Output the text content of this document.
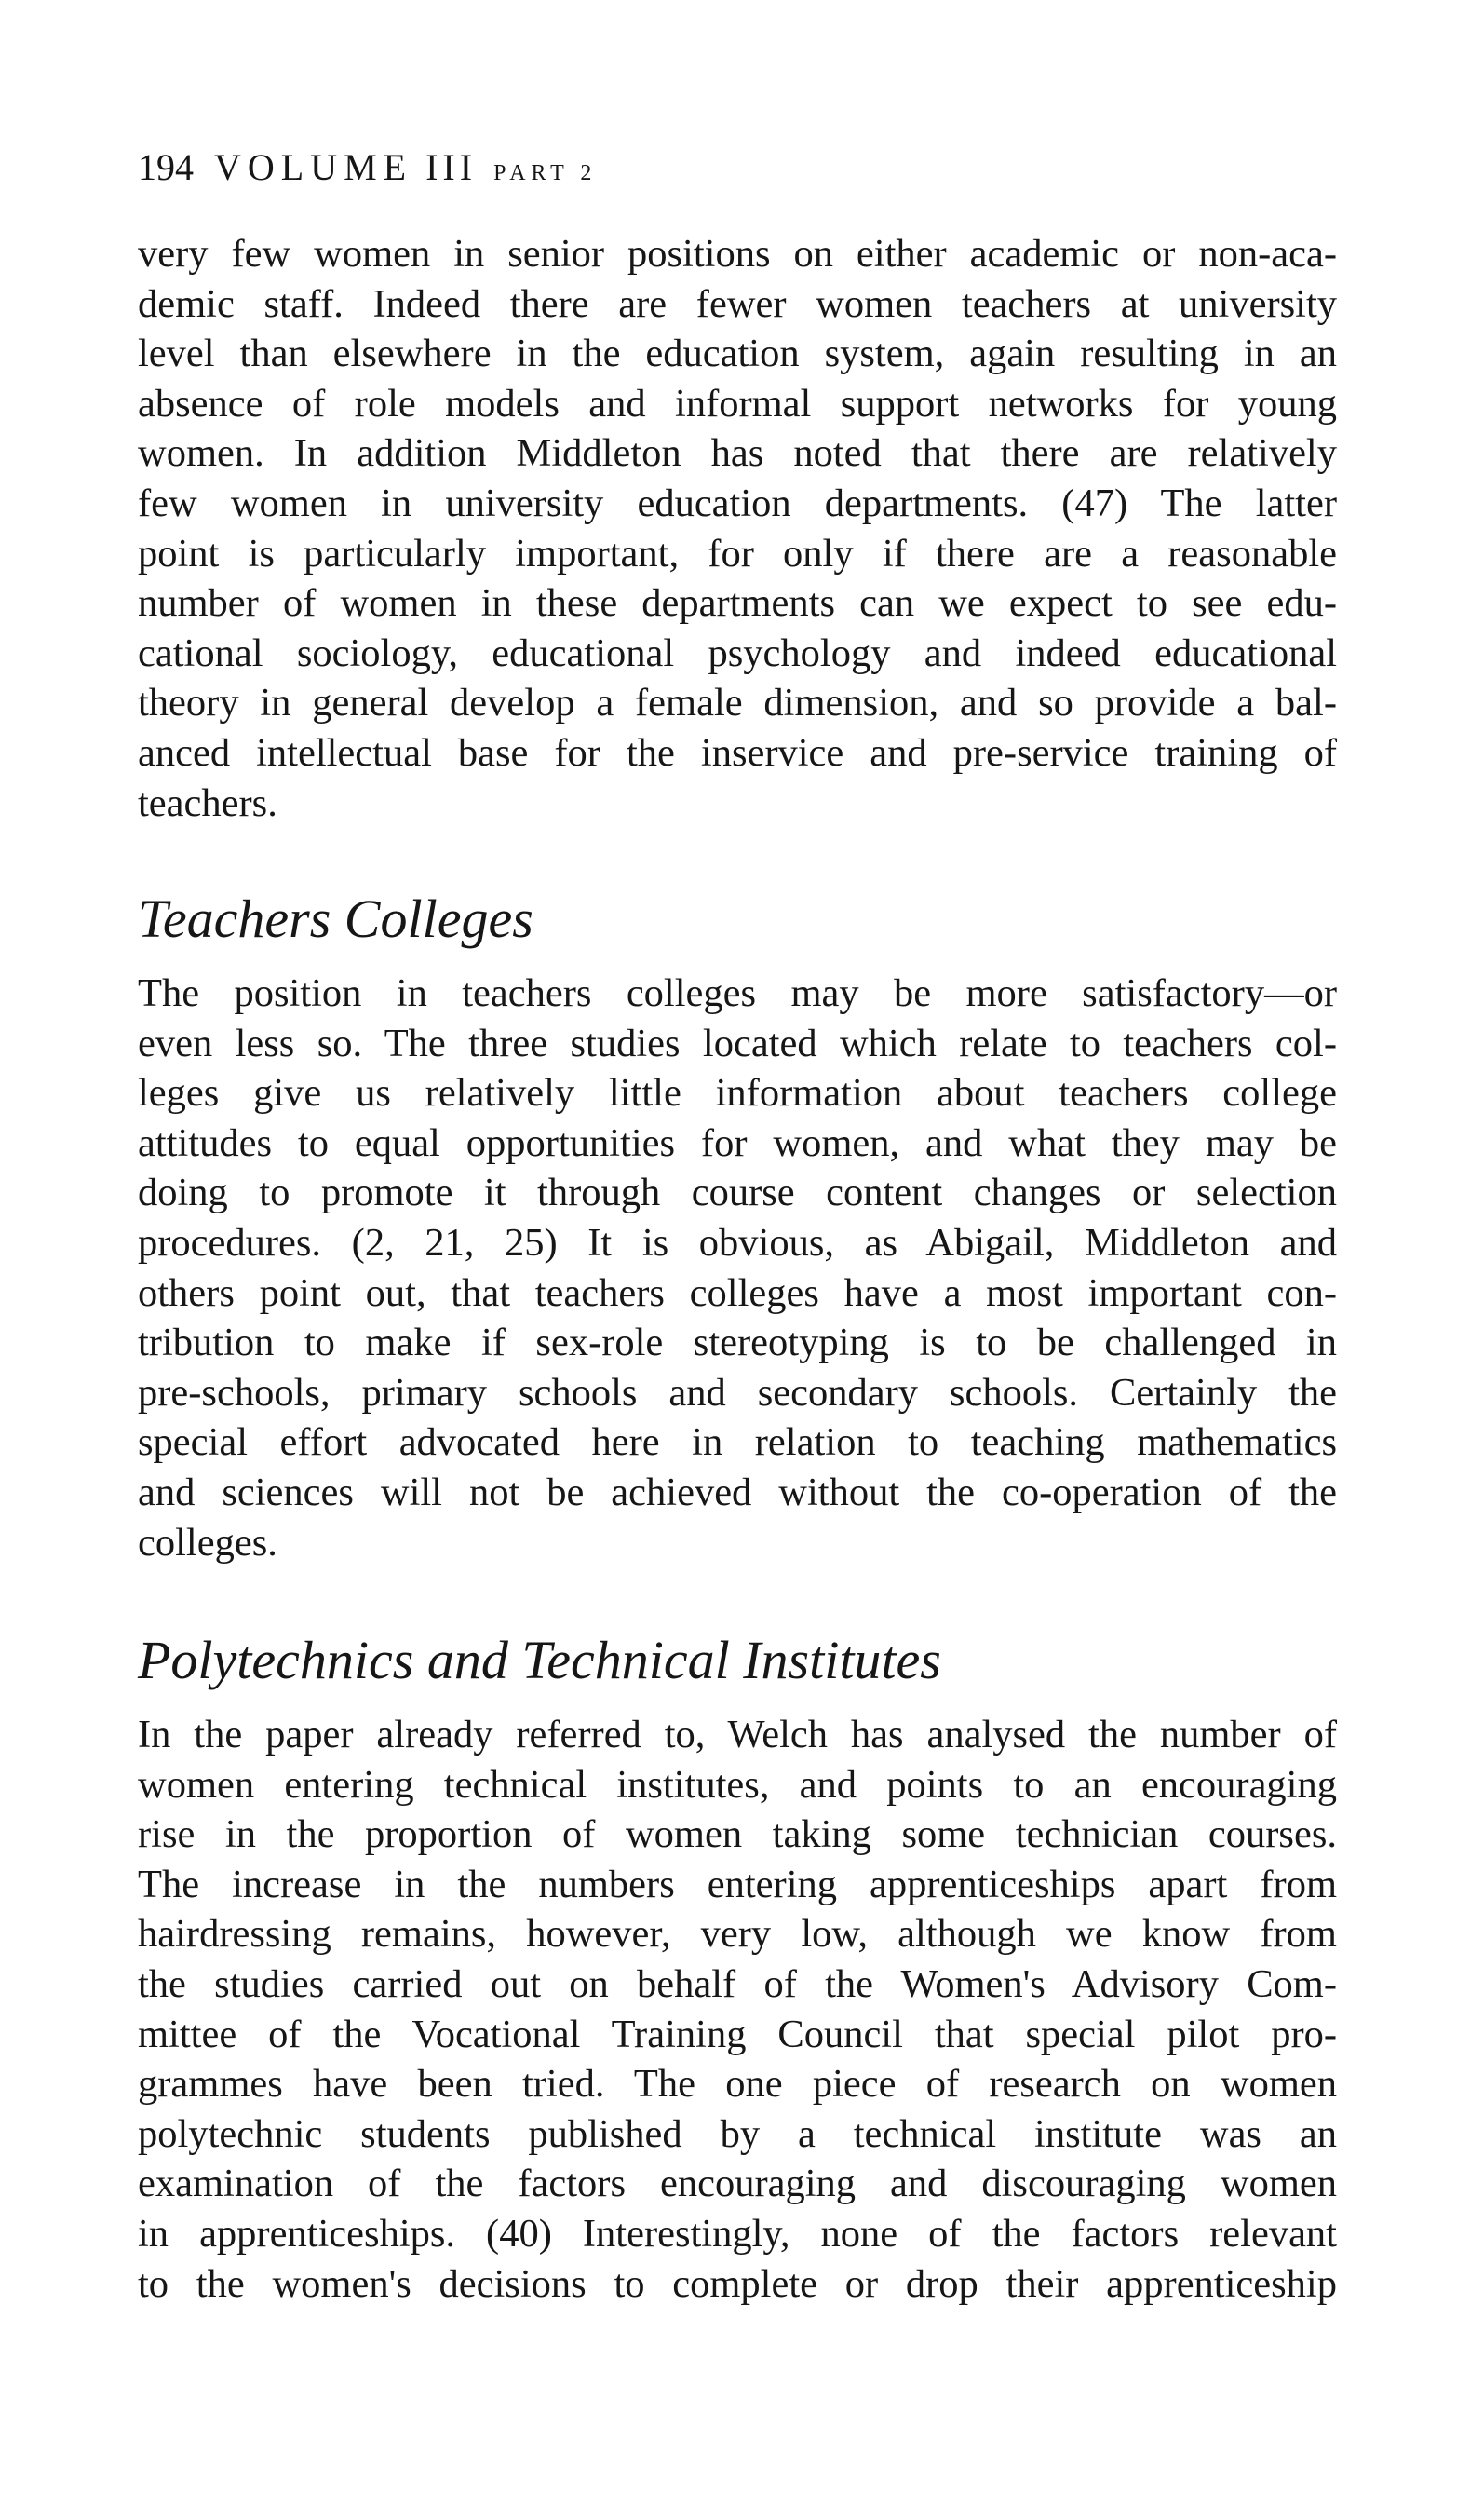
194 VOLUME III PART 2
very few women in senior positions on either academic or non-aca-
demic staff. Indeed there are fewer women teachers at university
level than elsewhere in the education system, again resulting in an
absence of role models and informal support networks for young
women. In addition Middleton has noted that there are relatively
few women in university education departments. (47) The latter
point is particularly important, for only if there are a reasonable
number of women in these departments can we expect to see edu-
cational sociology, educational psychology and indeed educational
theory in general develop a female dimension, and so provide a bal-
anced intellectual base for the inservice and pre-service training of
teachers.
Teachers Colleges
The position in teachers colleges may be more satisfactory—or
even less so. The three studies located which relate to teachers col-
leges give us relatively little information about teachers college
attitudes to equal opportunities for women, and what they may be
doing to promote it through course content changes or selection
procedures. (2, 21, 25) It is obvious, as Abigail, Middleton and
others point out, that teachers colleges have a most important con-
tribution to make if sex-role stereotyping is to be challenged in
pre-schools, primary schools and secondary schools. Certainly the
special effort advocated here in relation to teaching mathematics
and sciences will not be achieved without the co-operation of the
colleges.
Polytechnics and Technical Institutes
In the paper already referred to, Welch has analysed the number of
women entering technical institutes, and points to an encouraging
rise in the proportion of women taking some technician courses.
The increase in the numbers entering apprenticeships apart from
hairdressing remains, however, very low, although we know from
the studies carried out on behalf of the Women's Advisory Com-
mittee of the Vocational Training Council that special pilot pro-
grammes have been tried. The one piece of research on women
polytechnic students published by a technical institute was an
examination of the factors encouraging and discouraging women
in apprenticeships. (40) Interestingly, none of the factors relevant
to the women's decisions to complete or drop their apprenticeship
